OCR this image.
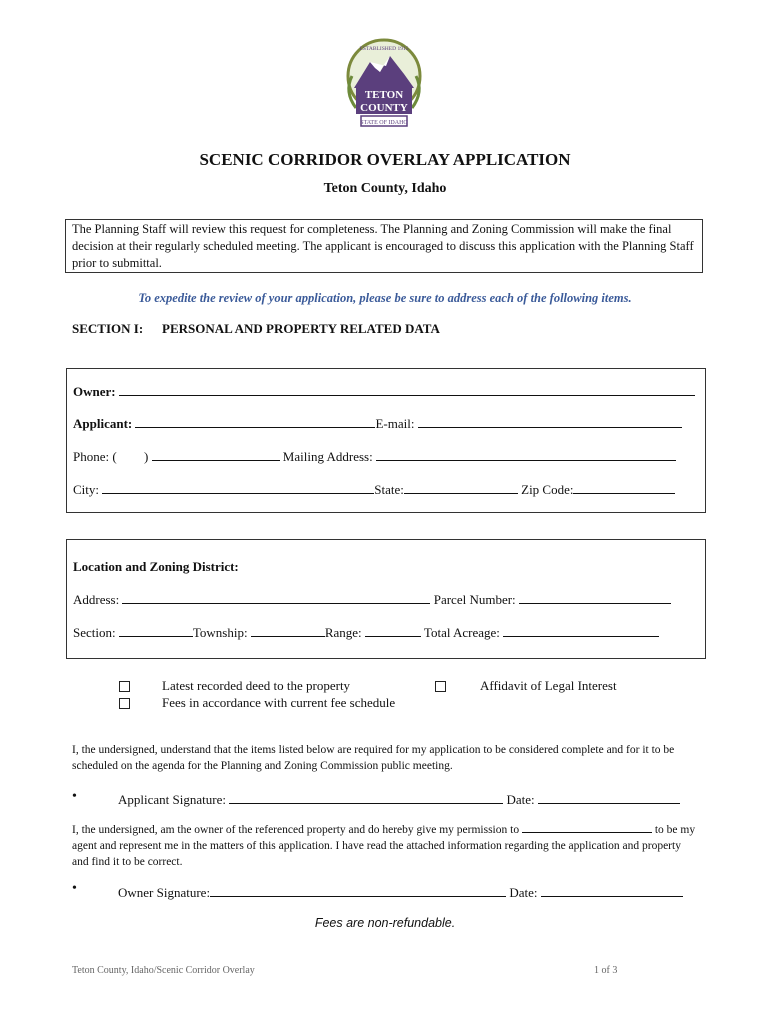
TETON
COUNTY
STATE OF IDAHO
ESTABLISHED 1915
SCENIC CORRIDOR OVERLAY APPLICATION
Teton County, Idaho
The Planning Staff will review this request for completeness. The Planning and Zoning Commission will make the final decision at their regularly scheduled meeting. The applicant is encouraged to discuss this application with the Planning Staff prior to submittal.
To expedite the review of your application, please be sure to address each of the following items.
SECTION I: PERSONAL AND PROPERTY RELATED DATA
Owner:
Applicant:	E-mail:
Phone: ( )	Mailing Address:
City:	State:	Zip Code:
Location and Zoning District:
Address:	Parcel Number:
Section:	Township:	Range:	Total Acreage:
Latest recorded deed to the property
Fees in accordance with current fee schedule
Affidavit of Legal Interest
I, the undersigned, understand that the items listed below are required for my application to be considered complete and for it to be scheduled on the agenda for the Planning and Zoning Commission public meeting.
•	Applicant Signature:	Date:
I, the undersigned, am the owner of the referenced property and do hereby give my permission to	to be my agent and represent me in the matters of this application. I have read the attached information regarding the application and property and find it to be correct.
•	Owner Signature:	Date:
Fees are non-refundable.
Teton County, Idaho/Scenic Corridor Overlay	1 of 3
